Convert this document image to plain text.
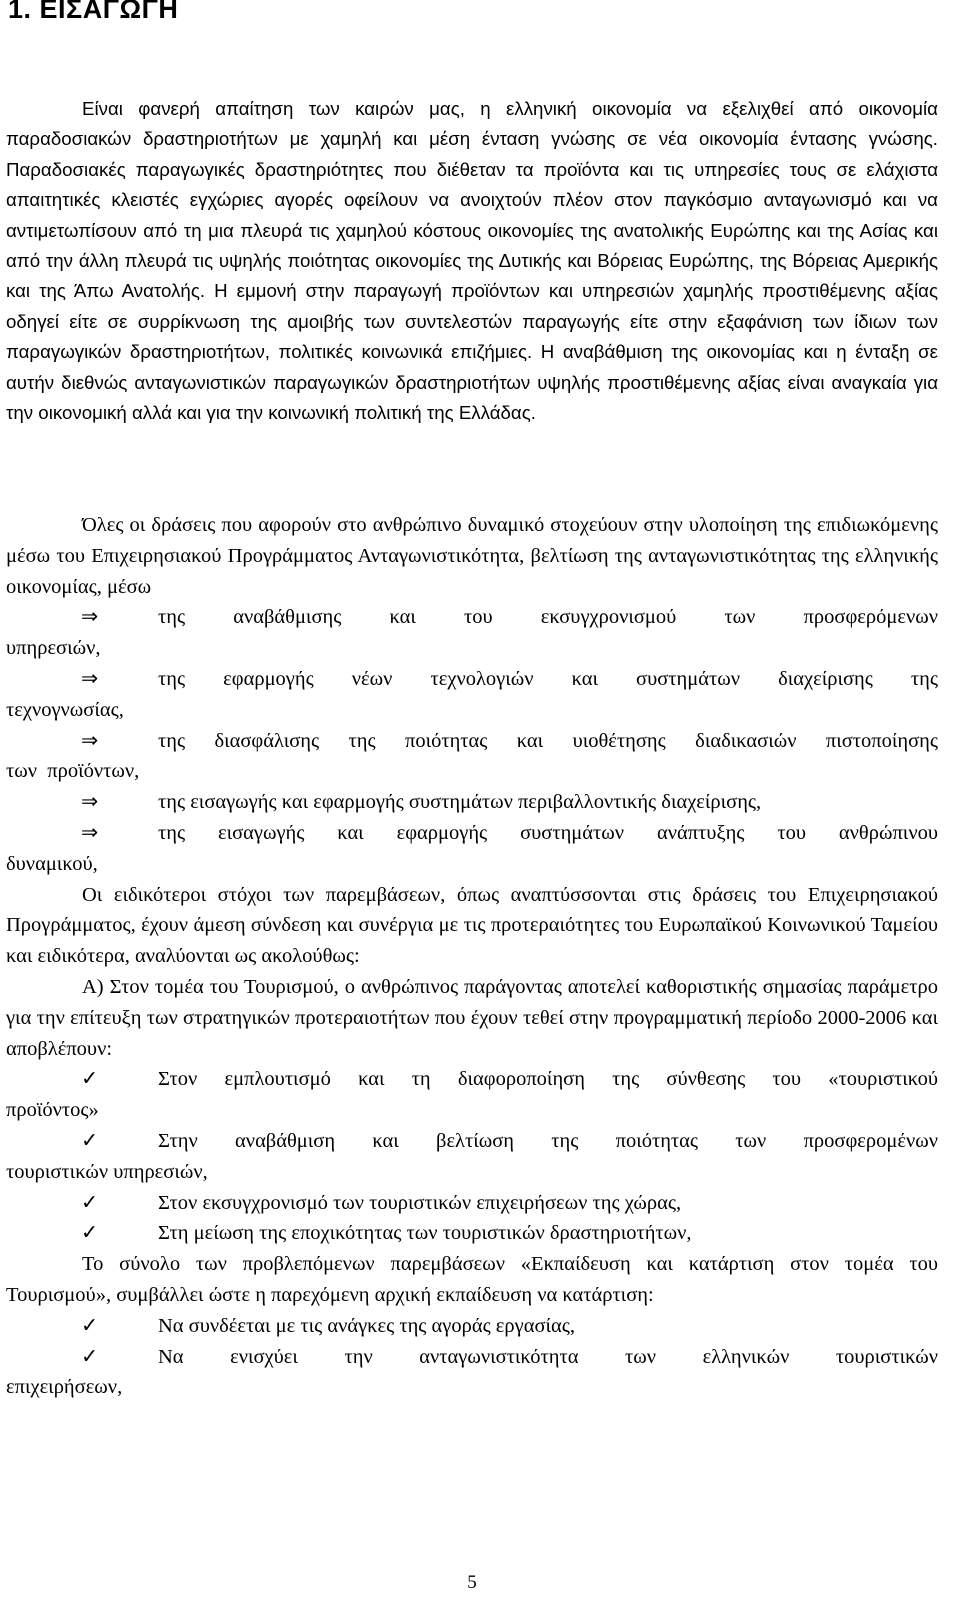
1. ΕΙΣΑΓΩΓΗ

Είναι φανερή απαίτηση των καιρών μας, η ελληνική οικονομία να εξελιχθεί από οικονομία παραδοσιακών δραστηριοτήτων με χαμηλή και μέση ένταση γνώσης σε νέα οικονομία έντασης γνώσης. Παραδοσιακές παραγωγικές δραστηριότητες που διέθεταν τα προϊόντα και τις υπηρεσίες τους σε ελάχιστα απαιτητικές κλειστές εγχώριες αγορές οφείλουν να ανοιχτούν πλέον στον παγκόσμιο ανταγωνισμό και να αντιμετωπίσουν από τη μια πλευρά τις χαμηλού κόστους οικονομίες της ανατολικής Ευρώπης και της Ασίας και από την άλλη πλευρά τις υψηλής ποιότητας οικονομίες της Δυτικής και Βόρειας Ευρώπης, της Βόρειας Αμερικής και της Άπω Ανατολής. Η εμμονή στην παραγωγή προϊόντων και υπηρεσιών χαμηλής προστιθέμενης αξίας οδηγεί είτε σε συρρίκνωση της αμοιβής των συντελεστών παραγωγής είτε στην εξαφάνιση των ίδιων των παραγωγικών δραστηριοτήτων, πολιτικές κοινωνικά επιζήμιες. Η αναβάθμιση της οικονομίας και η ένταξη σε αυτήν διεθνώς ανταγωνιστικών παραγωγικών δραστηριοτήτων υψηλής προστιθέμενης αξίας είναι αναγκαία για την οικονομική αλλά και για την κοινωνική πολιτική της Ελλάδας.

Όλες οι δράσεις που αφορούν στο ανθρώπινο δυναμικό στοχεύουν στην υλοποίηση της επιδιωκόμενης μέσω του Επιχειρησιακού Προγράμματος Ανταγωνιστικότητα, βελτίωση της ανταγωνιστικότητας της ελληνικής οικονομίας, μέσω

⇒	της αναβάθμισης και του εκσυγχρονισμού των προσφερόμενων

υπηρεσιών,

⇒	της εφαρμογής νέων τεχνολογιών και συστημάτων διαχείρισης της

τεχνογνωσίας,

⇒	της διασφάλισης της ποιότητας και υιοθέτησης διαδικασιών πιστοποίησης

των  προϊόντων,

⇒	της εισαγωγής και εφαρμογής συστημάτων περιβαλλοντικής διαχείρισης,
⇒	της εισαγωγής και εφαρμογής συστημάτων ανάπτυξης του ανθρώπινου

δυναμικού,

Οι ειδικότεροι στόχοι των παρεμβάσεων, όπως αναπτύσσονται στις δράσεις του Επιχειρησιακού Προγράμματος, έχουν άμεση σύνδεση και συνέργια με τις προτεραιότητες του Ευρωπαϊκού Κοινωνικού Ταμείου και ειδικότερα, αναλύονται ως ακολούθως:

Α) Στον τομέα του Τουρισμού, ο ανθρώπινος παράγοντας αποτελεί καθοριστικής σημασίας παράμετρο για την επίτευξη των στρατηγικών προτεραιοτήτων που έχουν τεθεί στην προγραμματική περίοδο 2000-2006 και αποβλέπουν:

✓	Στον εμπλουτισμό και τη διαφοροποίηση της σύνθεσης του «τουριστικού

προϊόντος»

✓	Στην αναβάθμιση και βελτίωση της ποιότητας των προσφερομένων

τουριστικών υπηρεσιών,

✓	Στον εκσυγχρονισμό των τουριστικών επιχειρήσεων της χώρας,
✓	Στη μείωση της εποχικότητας των τουριστικών δραστηριοτήτων,

Το σύνολο των προβλεπόμενων παρεμβάσεων «Εκπαίδευση και κατάρτιση στον τομέα του Τουρισμού», συμβάλλει ώστε η παρεχόμενη αρχική εκπαίδευση να κατάρτιση:

✓	Να συνδέεται με τις ανάγκες της αγοράς εργασίας,
✓	Να ενισχύει την ανταγωνιστικότητα των ελληνικών τουριστικών

επιχειρήσεων,

5
